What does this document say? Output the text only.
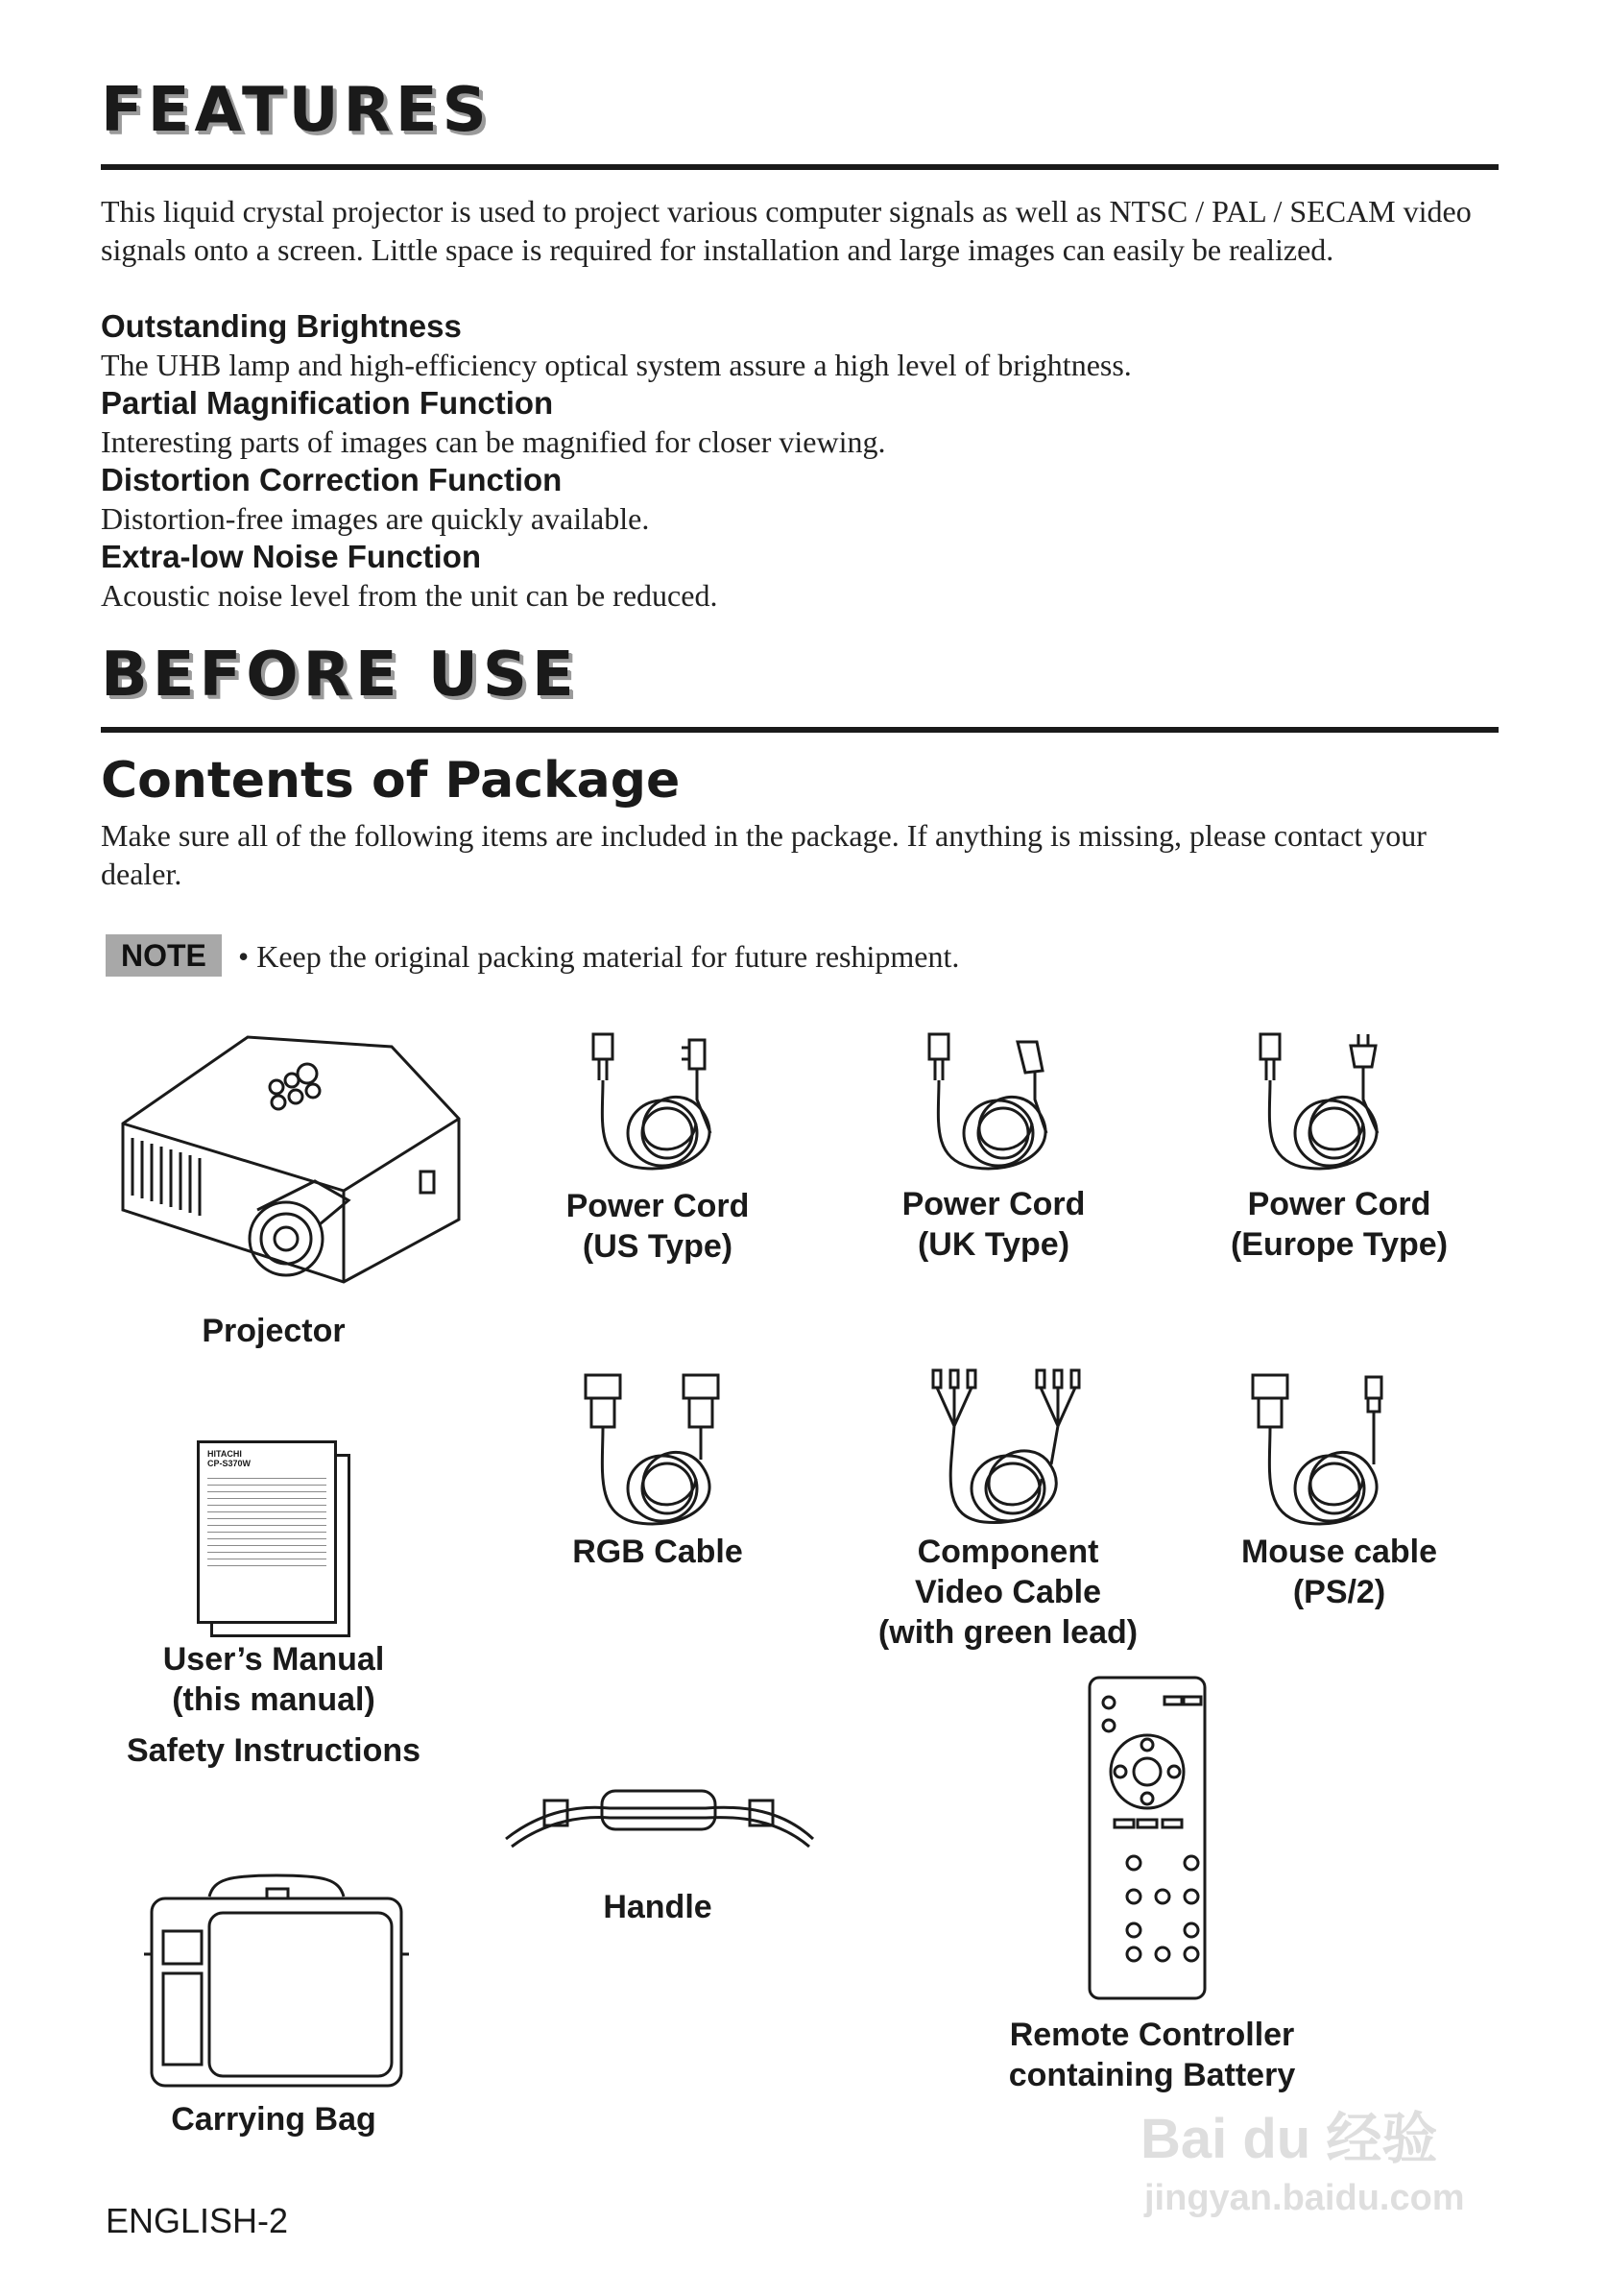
FEATURES
This liquid crystal projector is used to project various computer signals as well as NTSC / PAL / SECAM video signals onto a screen. Little space is required for installation and large images can easily be realized.
Outstanding Brightness
The UHB lamp and high-efficiency optical system assure a high level of brightness.
Partial Magnification Function
Interesting parts of images can be magnified for closer viewing.
Distortion Correction Function
Distortion-free images are quickly available.
Extra-low Noise Function
Acoustic noise level from the unit can be reduced.
BEFORE USE
Contents of Package
Make sure all of the following items are included in the package. If anything is missing, please contact your dealer.
NOTE	• Keep the original packing material for future reshipment.
Projector
Power Cord
(US Type)
Power Cord
(UK Type)
Power Cord
(Europe Type)
RGB Cable	Component
Video Cable
(with green lead)
Mouse cable
(PS/2)
HITACHI
CP-S370W
User’s Manual
(this manual)
Safety Instructions
Handle
Remote Controller
containing Battery
Carrying Bag
ENGLISH-2
Bai du 经验
jingyan.baidu.com
